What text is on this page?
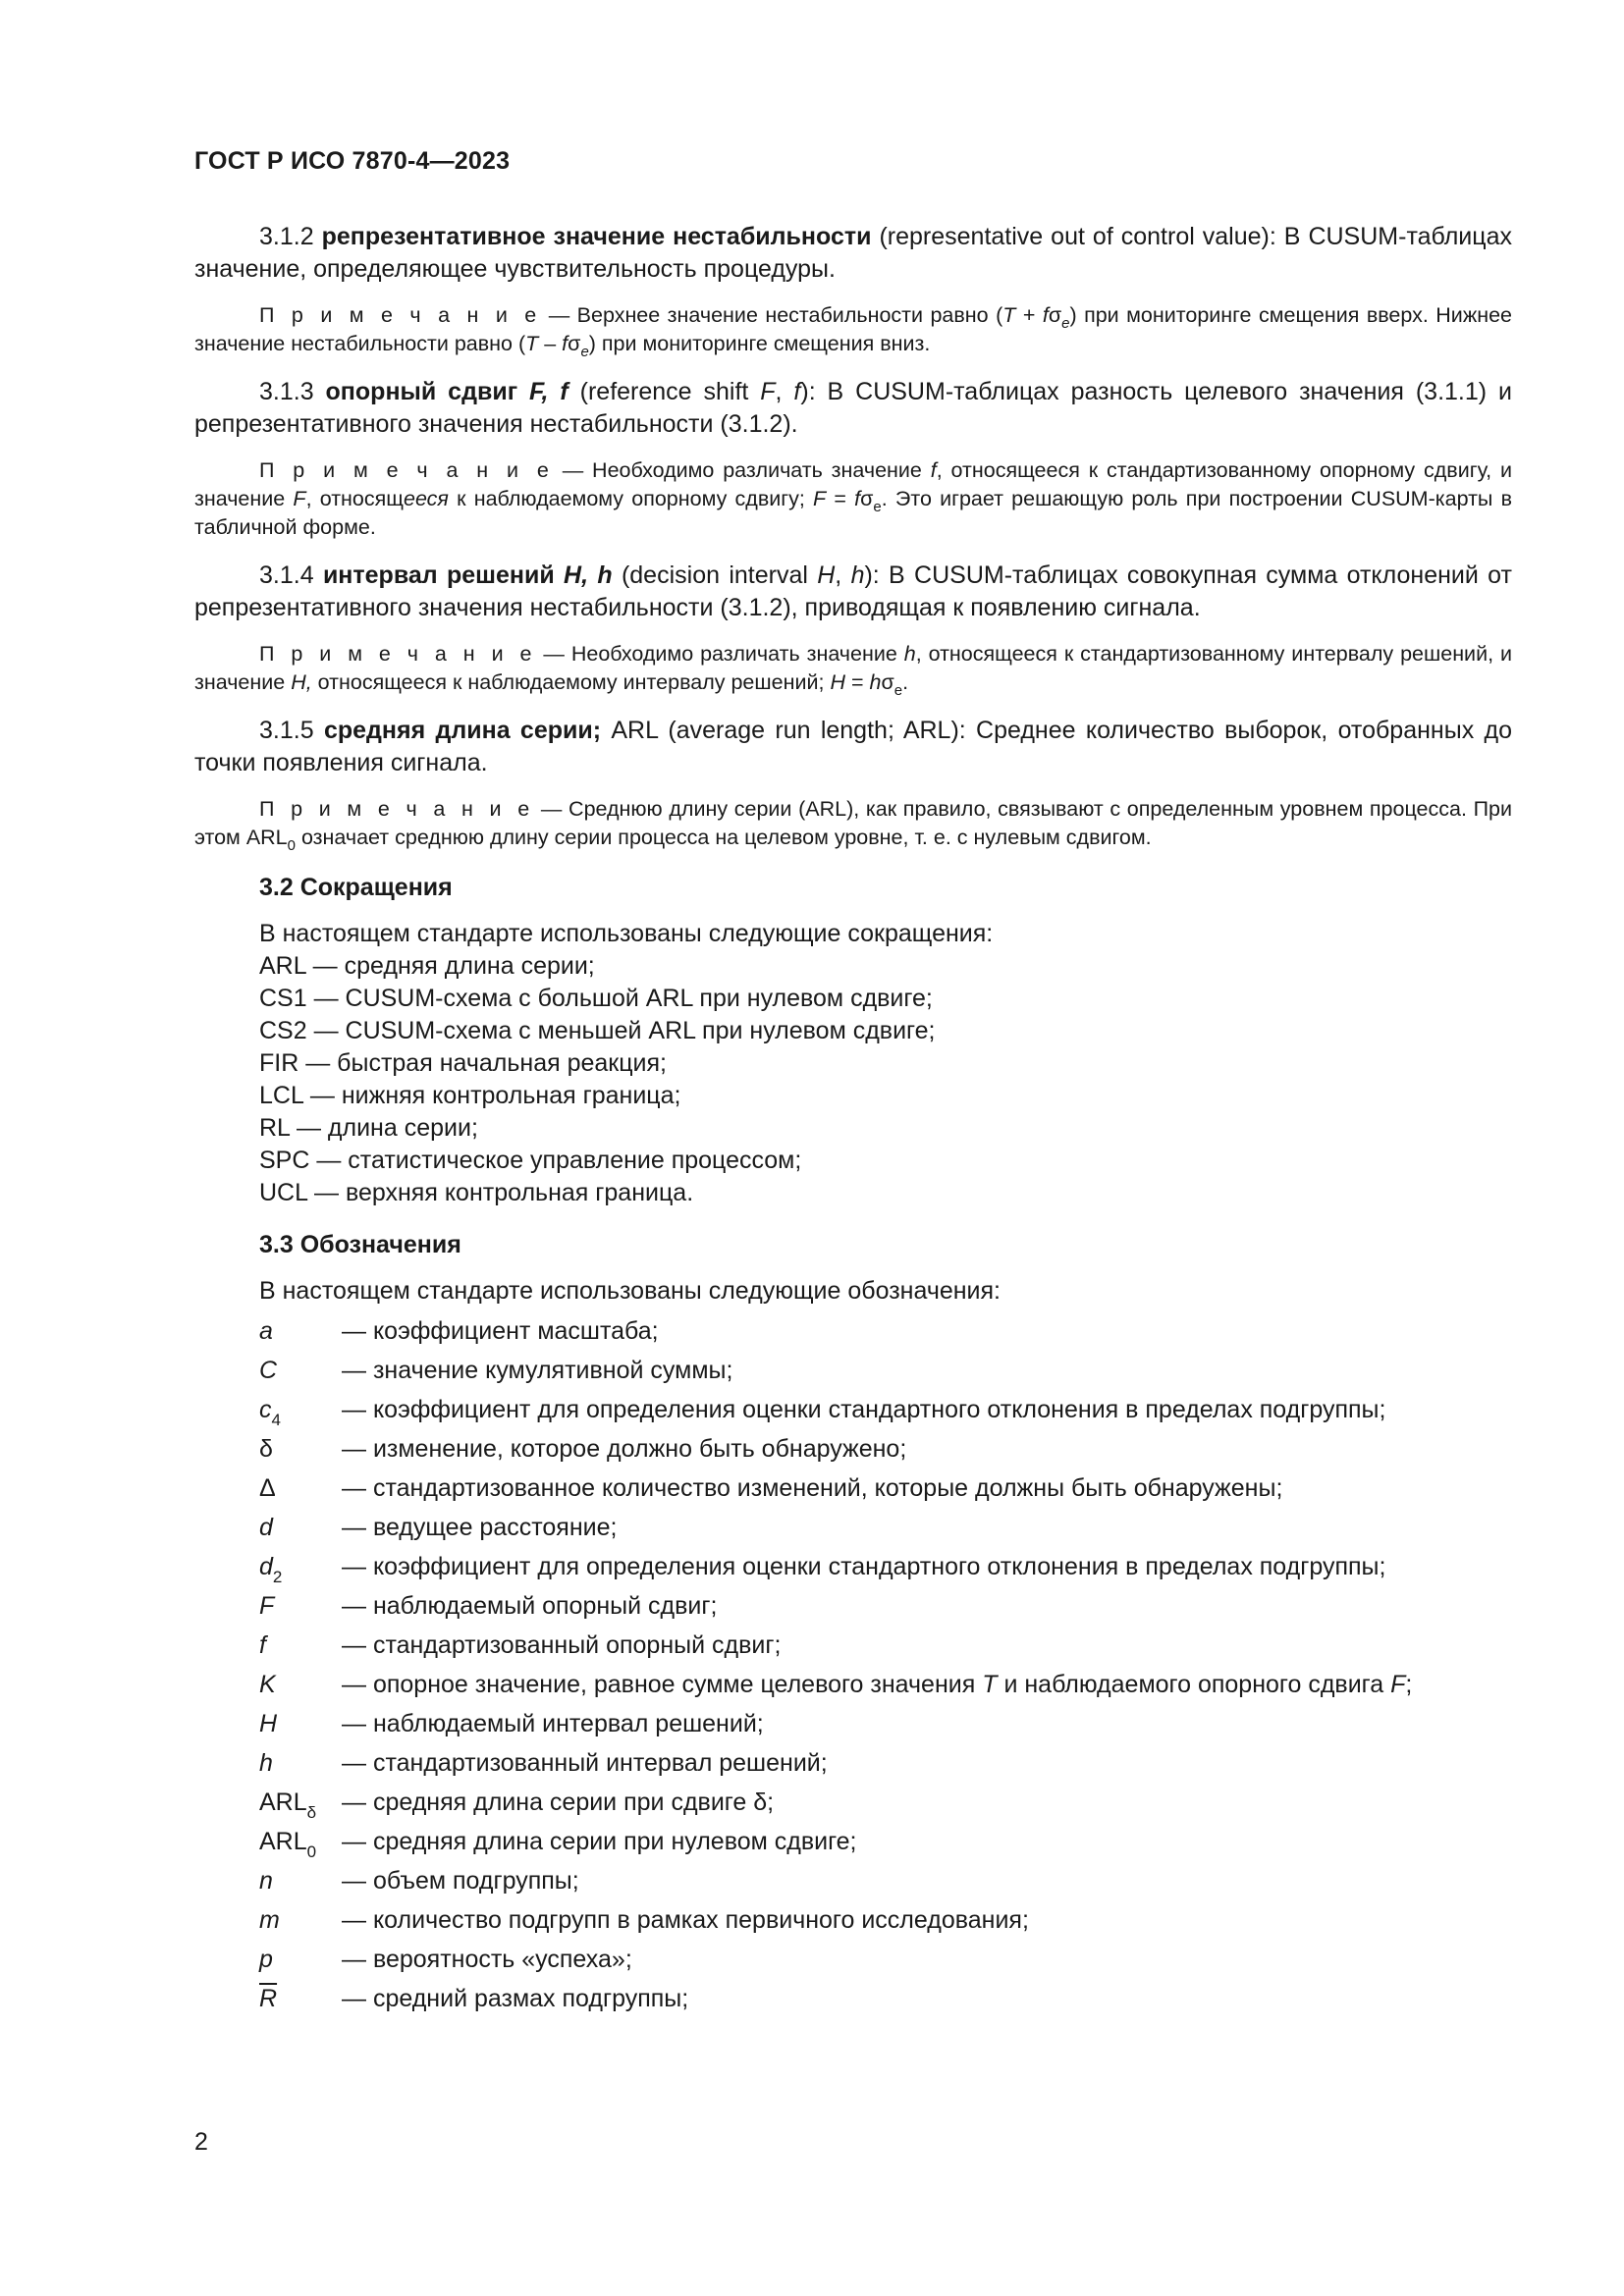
ГОСТ Р ИСО 7870-4—2023

3.1.2 репрезентативное значение нестабильности (representative out of control value): В CUSUM-таблицах значение, определяющее чувствительность процедуры.

П р и м е ч а н и е — Верхнее значение нестабильности равно $(T + f\sigma_e)$ при мониторинге смещения вверх. Нижнее значение нестабильности равно $(T - f\sigma_e)$ при мониторинге смещения вниз.

3.1.3 опорный сдвиг F, f (reference shift F, f): В CUSUM-таблицах разность целевого значения (3.1.1) и репрезентативного значения нестабильности (3.1.2).

П р и м е ч а н и е — Необходимо различать значение f, относящееся к стандартизованному опорному сдвигу, и значение F, относящееся к наблюдаемому опорному сдвигу; $F = f\sigma_e$. Это играет решающую роль при построении CUSUM-карты в табличной форме.

3.1.4 интервал решений H, h (decision interval H, h): В CUSUM-таблицах совокупная сумма отклонений от репрезентативного значения нестабильности (3.1.2), приводящая к появлению сигнала.

П р и м е ч а н и е — Необходимо различать значение h, относящееся к стандартизованному интервалу решений, и значение H, относящееся к наблюдаемому интервалу решений; $H = h\sigma_e$.

3.1.5 средняя длина серии; ARL (average run length; ARL): Среднее количество выборок, отобранных до точки появления сигнала.

П р и м е ч а н и е — Среднюю длину серии (ARL), как правило, связывают с определенным уровнем процесса. При этом $ARL_0$ означает среднюю длину серии процесса на целевом уровне, т. е. с нулевым сдвигом.

3.2 Сокращения
В настоящем стандарте использованы следующие сокращения:
ARL — средняя длина серии;
CS1 — CUSUM-схема с большой ARL при нулевом сдвиге;
CS2 — CUSUM-схема с меньшей ARL при нулевом сдвиге;
FIR — быстрая начальная реакция;
LCL — нижняя контрольная граница;
RL — длина серии;
SPC — статистическое управление процессом;
UCL — верхняя контрольная граница.
3.3 Обозначения
В настоящем стандарте использованы следующие обозначения:
a	— коэффициент масштаба;
C	— значение кумулятивной суммы;
$c_4$	— коэффициент для определения оценки стандартного отклонения в пределах подгруппы;
δ	— изменение, которое должно быть обнаружено;
Δ	— стандартизованное количество изменений, которые должны быть обнаружены;
d	— ведущее расстояние;
$d_2$	— коэффициент для определения оценки стандартного отклонения в пределах подгруппы;
F	— наблюдаемый опорный сдвиг;
f	— стандартизованный опорный сдвиг;
K	— опорное значение, равное сумме целевого значения T и наблюдаемого опорного сдвига F;
H	— наблюдаемый интервал решений;
h	— стандартизованный интервал решений;
$ARL_\delta$	— средняя длина серии при сдвиге δ;
$ARL_0$	— средняя длина серии при нулевом сдвиге;
n	— объем подгруппы;
m	— количество подгрупп в рамках первичного исследования;
p	— вероятность «успеха»;
$\overline{R}$	— средний размах подгруппы;
2
